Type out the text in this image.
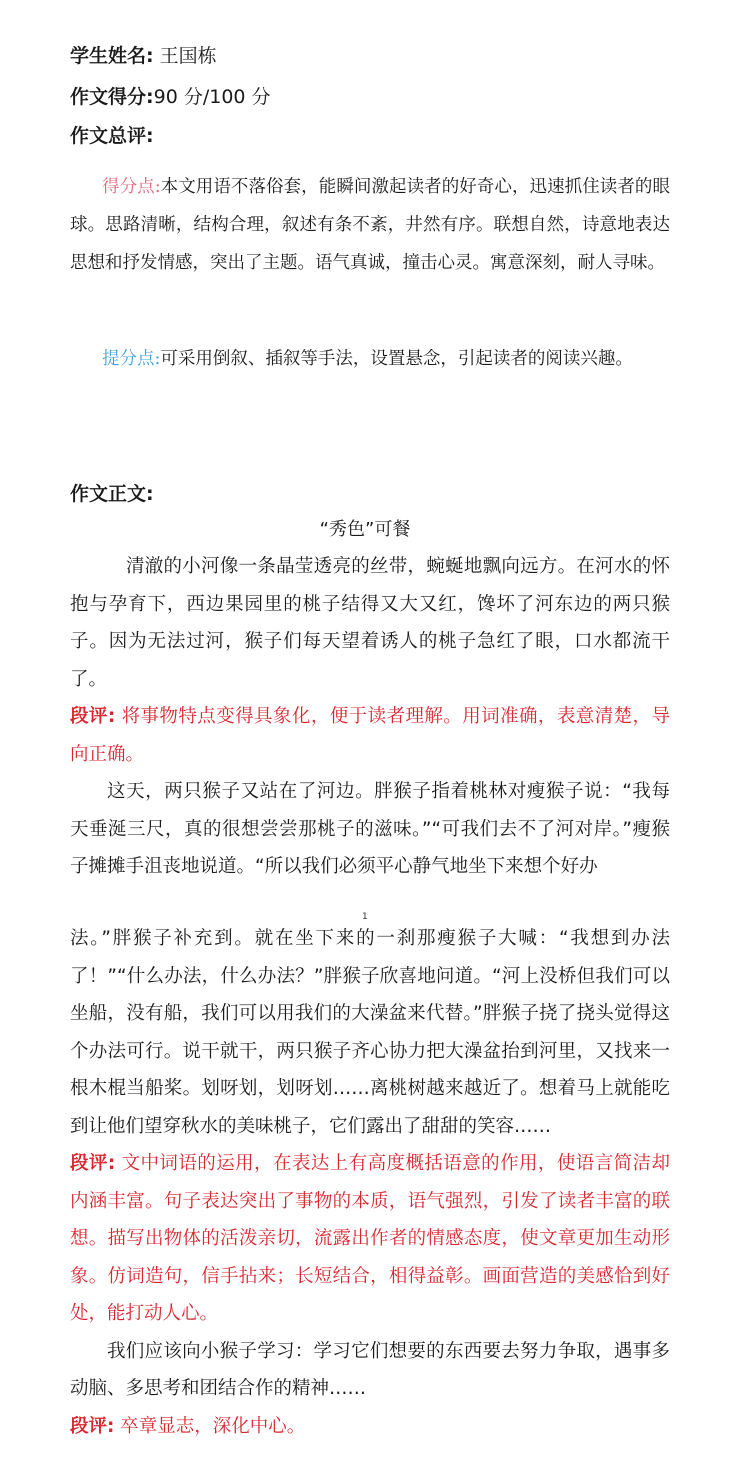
学生姓名: 王国栋
作文得分:90 分/100 分
作文总评:

得分点:本文用语不落俗套，能瞬间激起读者的好奇心，迅速抓住读者的眼球。思路清晰，结构合理，叙述有条不紊，井然有序。联想自然，诗意地表达思想和抒发情感，突出了主题。语气真诚，撞击心灵。寓意深刻，耐人寻味。

提分点:可采用倒叙、插叙等手法，设置悬念，引起读者的阅读兴趣。

作文正文:
“秀色”可餐

清澈的小河像一条晶莹透亮的丝带，蜿蜒地飘向远方。在河水的怀抱与孕育下，西边果园里的桃子结得又大又红，馋坏了河东边的两只猴子。因为无法过河，猴子们每天望着诱人的桃子急红了眼，口水都流干了。

段评: 将事物特点变得具象化，便于读者理解。用词准确，表意清楚，导向正确。

这天，两只猴子又站在了河边。胖猴子指着桃林对瘦猴子说：“我每天垂涎三尺，真的很想尝尝那桃子的滋味。”“可我们去不了河对岸。”瘦猴子摊摊手沮丧地说道。“所以我们必须平心静气地坐下来想个好办

1

法。”胖猴子补充到。就在坐下来的一刹那瘦猴子大喊：“我想到办法了！”“什么办法，什么办法？”胖猴子欣喜地问道。“河上没桥但我们可以坐船，没有船，我们可以用我们的大澡盆来代替。”胖猴子挠了挠头觉得这个办法可行。说干就干，两只猴子齐心协力把大澡盆抬到河里，又找来一根木棍当船桨。划呀划，划呀划……离桃树越来越近了。想着马上就能吃到让他们望穿秋水的美味桃子，它们露出了甜甜的笑容……

段评: 文中词语的运用，在表达上有高度概括语意的作用，使语言简洁却内涵丰富。句子表达突出了事物的本质，语气强烈，引发了读者丰富的联想。描写出物体的活泼亲切，流露出作者的情感态度，使文章更加生动形象。仿词造句，信手拈来；长短结合，相得益彰。画面营造的美感恰到好处，能打动人心。

我们应该向小猴子学习：学习它们想要的东西要去努力争取，遇事多动脑、多思考和团结合作的精神……

段评: 卒章显志，深化中心。
